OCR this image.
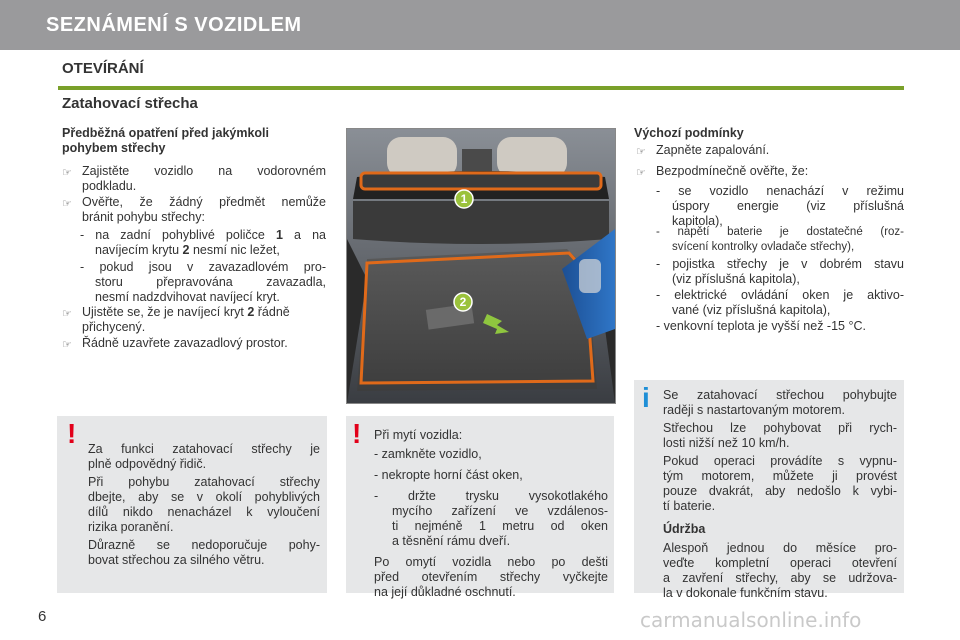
SEZNÁMENÍ S VOZIDLEM
OTEVÍRÁNÍ
Zatahovací střecha
Předběžná opatření před jakýmkoli
pohybem střechy
☞ Zajistěte vozidlo na vodorovném
podkladu.
☞ Ověřte, že žádný předmět nemůže
bránit pohybu střechy:
- na zadní pohyblivé poličce 1 a na
navíjecím krytu 2 nesmí nic ležet,
- pokud jsou v zavazadlovém pro-
storu přepravována zavazadla,
nesmí nadzdvihovat navíjecí kryt.
☞ Ujistěte se, že je navíjecí kryt 2 řádně
přichycený.
☞ Řádně uzavřete zavazadlový prostor.
1
2
Výchozí podmínky
☞ Zapněte zapalování.
☞ Bezpodmínečně ověřte, že:
- se vozidlo nenachází v režimu
úspory energie (viz příslušná
kapitola),
- napětí baterie je dostatečné (roz-
svícení kontrolky ovladače střechy),
- pojistka střechy je v dobrém stavu
(viz příslušná kapitola),
- elektrické ovládání oken je aktivo-
vané (viz příslušná kapitola),
- venkovní teplota je vyšší než -15 °C.
! Za funkci zatahovací střechy je
plně odpovědný řidič.
Při pohybu zatahovací střechy
dbejte, aby se v okolí pohyblivých
dílů nikdo nenacházel k vyloučení
rizika poranění.
Důrazně se nedoporučuje pohy-
bovat střechou za silného větru.
! Při mytí vozidla:
- zamkněte vozidlo,
- nekropte horní část oken,
- držte trysku vysokotlakého
mycího zařízení ve vzdálenos-
ti nejméně 1 metru od oken
a těsnění rámu dveří.
Po omytí vozidla nebo po dešti
před otevřením střechy vyčkejte
na její důkladné oschnutí.
i Se zatahovací střechou pohybujte
raději s nastartovaným motorem.
Střechou lze pohybovat při rych-
losti nižší než 10 km/h.
Pokud operaci provádíte s vypnu-
tým motorem, můžete ji provést
pouze dvakrát, aby nedošlo k vybi-
tí baterie.
Údržba
Alespoň jednou do měsíce pro-
veďte kompletní operaci otevření
a zavření střechy, aby se udržova-
la v dokonale funkčním stavu.
6	carmanualsonline.info
